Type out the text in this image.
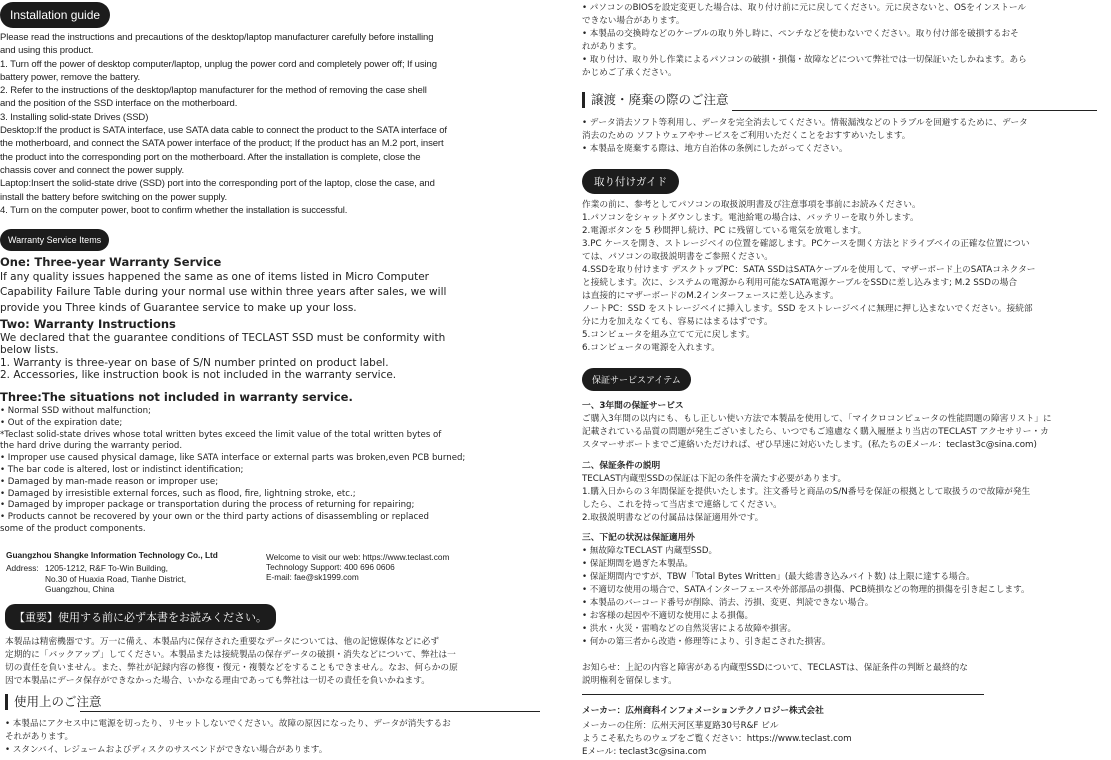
Installation guide
Please read the instructions and precautions of the desktop/laptop manufacturer carefully before installing
and using this product.
1. Turn off the power of desktop computer/laptop, unplug the power cord and completely power off; If using
battery power, remove the battery.
2. Refer to the instructions of the desktop/laptop manufacturer for the method of removing the case shell
and the position of the SSD interface on the motherboard.
3. Installing solid-state Drives (SSD)
Desktop:If the product is SATA interface, use SATA data cable to connect the product to the SATA interface of
the motherboard, and connect the SATA power interface of the product; If the product has an M.2 port, insert
the product into the corresponding port on the motherboard. After the installation is complete, close the
chassis cover and connect the power supply.
Laptop:Insert the solid-state drive (SSD) port into the corresponding port of the laptop, close the case, and
install the battery before switching on the power supply.
4. Turn on the computer power, boot to confirm whether the installation is successful.
Warranty Service Items
One: Three-year Warranty Service
If any quality issues happened the same as one of items listed in Micro Computer
Capability Failure Table during your normal use within three years after sales, we will
provide you Three kinds of Guarantee service to make up your loss.
Two: Warranty Instructions
We declared that the guarantee conditions of TECLAST SSD must be conformity with
below lists.
1. Warranty is three-year on base of S/N number printed on product label.
2. Accessories, like instruction book is not included in the warranty service.
Three:The situations not included in warranty service.
• Normal SSD without malfunction;
• Out of the expiration date;
*Teclast solid-state drives whose total written bytes exceed the limit value of the total written bytes of
the hard drive during the warranty period.
• Improper use caused physical damage, like SATA interface or external parts was broken,even PCB burned;
• The bar code is altered, lost or indistinct identification;
• Damaged by man-made reason or improper use;
• Damaged by irresistible external forces, such as flood, fire, lightning stroke, etc.;
• Damaged by improper package or transportation during the process of returning for repairing;
• Products cannot be recovered by your own or the third party actions of disassembling or replaced
some of the product components.
Guangzhou Shangke Information Technology Co., Ltd
Address: 1205-1212, R&F To-Win Building,
No.30 of Huaxia Road, Tianhe District,
Guangzhou, China
Welcome to visit our web: https://www.teclast.com
Technology Support: 400 696 0606
E-mail: fae@sk1999.com
【重要】使用する前に必ず本書をお読みください。
本製品は精密機器です。万一に備え、本製品内に保存された重要なデータについては、他の記憶媒体などに必ず
定期的に「バックアップ」してください。本製品または接続製品の保存データの破損・消失などについて、弊社は一
切の責任を負いません。また、弊社が記録内容の修復・復元・複製などをすることもできません。なお、何らかの原
因で本製品にデータ保存ができなかった場合、いかなる理由であっても弊社は一切その責任を負いかねます。
使用上のご注意
• 本製品にアクセス中に電源を切ったり、リセットしないでください。故障の原因になったり、データが消失するお
それがあります。
• スタンバイ、レジュームおよびディスクのサスペンドができない場合があります。
• パソコンのBIOSを設定変更した場合は、取り付け前に元に戻してください。元に戻さないと、OSをインストール
できない場合があります。
• 本製品の交換時などのケーブルの取り外し時に、ペンチなどを使わないでください。取り付け部を破損するおそ
れがあります。
• 取り付け、取り外し作業によるパソコンの破損・損傷・故障などについて弊社では一切保証いたしかねます。あら
かじめご了承ください。
譲渡・廃棄の際のご注意
• データ消去ソフト等利用し、データを完全消去してください。情報漏洩などのトラブルを回避するために、データ
消去のための ソフトウェアやサービスをご利用いただくことをおすすめいたします。
• 本製品を廃棄する際は、地方自治体の条例にしたがってください。
取り付けガイド
作業の前に、参考としてパソコンの取扱説明書及び注意事項を事前にお読みください。
1.パソコンをシャットダウンします。電池給電の場合は、バッテリーを取り外します。
2.電源ボタンを 5 秒間押し続け、PC に残留している電気を放電します。
3.PC ケースを開き、ストレージベイの位置を確認します。PCケースを開く方法とドライブベイの正確な位置につい
ては、パソコンの取扱説明書をご参照ください。
4.SSDを取り付けます デスクトップPC：SATA SSDはSATAケーブルを使用して、マザーボード上のSATAコネクター
と接続します。次に、システムの電源から利用可能なSATA電源ケーブルをSSDに差し込みます; M.2 SSDの場合
は直接的にマザーボードのM.2インターフェースに差し込みます。
ノートPC：SSD をストレージベイに挿入します。SSD をストレージベイに無理に押し込まないでください。接続部
分に力を加えなくても、容易にはまるはずです。
5.コンピュータを組み立てて元に戻します。
6.コンピュータの電源を入れます。
保証サービスアイテム
一、3年間の保証サービス
ご購入3年間の以内にも、もし正しい使い方法で本製品を使用して、「マイクロコンピュータの性能問題の障害リスト」に
記載されている品質の問題が発生ございましたら、いつでもご遠慮なく購入履歴より当店のTECLAST アクセサリー・カ
スタマーサポートまでご連絡いただければ、ぜひ早速に対応いたします。(私たちのEメール：teclast3c@sina.com)
二、保証条件の説明
TECLAST内蔵型SSDの保証は下記の条件を満たす必要があります。
1.購入日からの３年間保証を提供いたします。注文番号と商品のS/N番号を保証の根拠として取扱うので故障が発生
したら、これを持って当店まで連絡してください。
2.取扱説明書などの付属品は保証適用外です。
三、下記の状況は保証適用外
• 無故障なTECLAST 内蔵型SSD。
• 保証期間を過ぎた本製品。
• 保証期間内ですが、TBW「Total Bytes Written」(最大総書き込みバイト数) は上限に達する場合。
• 不適切な使用の場合で、SATAインターフェースや外部部品の損傷、PCB焼損などの物理的損傷を引き起こします。
• 本製品のバーコード番号が削除、消去、汚損、変更、判読できない場合。
• お客様の起因や不適切な使用による損傷。
• 洪水・火災・雷鳴などの自然災害による故障や損害。
• 何かの第三者から改造・修理等により、引き起こされた損害。
お知らせ：上記の内容と障害がある内蔵型SSDについて、TECLASTは、保証条件の判断と最終的な
説明権利を留保します。
メーカー：広州商科インフォメーションテクノロジー株式会社
メーカーの住所：広州天河区華夏路30号R&F ビル
ようこそ私たちのウェブをご覧ください：https://www.teclast.com
Eメール: teclast3c@sina.com
